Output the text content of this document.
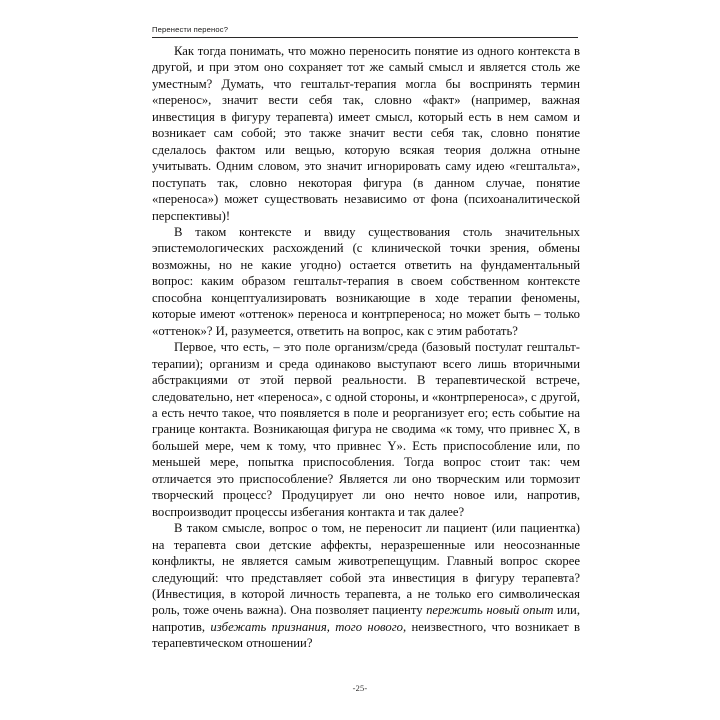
Перенести перенос?

Как тогда понимать, что можно переносить понятие из одного контекста в другой, и при этом оно сохраняет тот же самый смысл и является столь же уместным? Думать, что гештальт-терапия могла бы воспринять термин «перенос», значит вести себя так, словно «факт» (например, важная инвестиция в фигуру терапевта) имеет смысл, который есть в нем самом и возникает сам собой; это также значит вести себя так, словно понятие сделалось фактом или вещью, которую всякая теория должна отныне учитывать. Одним словом, это значит игнорировать саму идею «гештальта», поступать так, словно некоторая фигура (в данном случае, понятие «переноса») может существовать независимо от фона (психоаналитической перспективы)!

В таком контексте и ввиду существования столь значительных эпистемологических расхождений (с клинической точки зрения, обмены возможны, но не какие угодно) остается ответить на фундаментальный вопрос: каким образом гештальт-терапия в своем собственном контексте способна концептуализировать возникающие в ходе терапии феномены, которые имеют «оттенок» переноса и контрпереноса; но может быть – только «оттенок»? И, разумеется, ответить на вопрос, как с этим работать?

Первое, что есть, – это поле организм/среда (базовый постулат гештальт-терапии); организм и среда одинаково выступают всего лишь вторичными абстракциями от этой первой реальности. В терапевтической встрече, следовательно, нет «переноса», с одной стороны, и «контрпереноса», с другой, а есть нечто такое, что появляется в поле и реорганизует его; есть событие на границе контакта. Возникающая фигура не сводима «к тому, что привнес X, в большей мере, чем к тому, что привнес Y». Есть приспособление или, по меньшей мере, попытка приспособления. Тогда вопрос стоит так: чем отличается это приспособление? Является ли оно творческим или тормозит творческий процесс? Продуцирует ли оно нечто новое или, напротив, воспроизводит процессы избегания контакта и так далее?

В таком смысле, вопрос о том, не переносит ли пациент (или пациентка) на терапевта свои детские аффекты, неразрешенные или неосознанные конфликты, не является самым животрепещущим. Главный вопрос скорее следующий: что представляет собой эта инвестиция в фигуру терапевта? (Инвестиция, в которой личность терапевта, а не только его символическая роль, тоже очень важна). Она позволяет пациенту пережить новый опыт или, напротив, избежать признания, того нового, неизвестного, что возникает в терапевтическом отношении?

-25-
